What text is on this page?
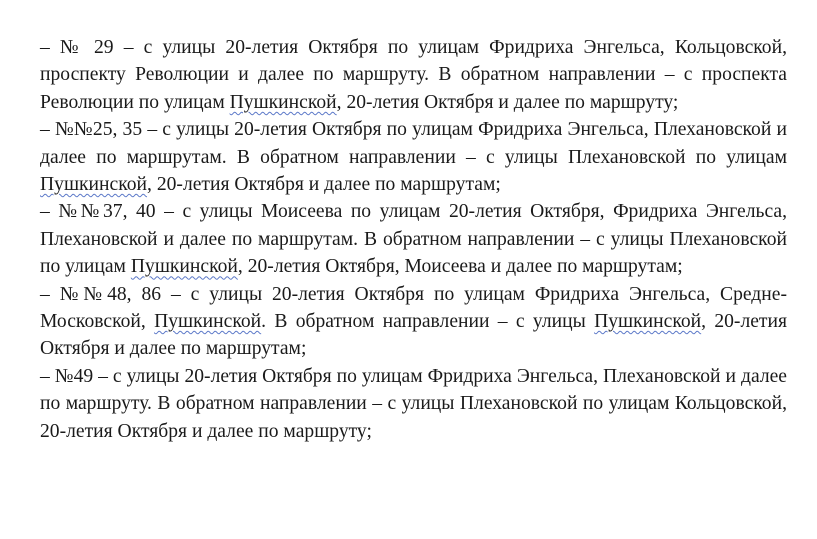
– № 29 – с улицы 20-летия Октября по улицам Фридриха Энгельса, Кольцовской, проспекту Революции и далее по маршруту. В обратном направлении – с проспекта Революции по улицам Пушкинской, 20-летия Октября и далее по маршруту;

– №№25, 35 – с улицы 20-летия Октября по улицам Фридриха Энгельса, Плехановской и далее по маршрутам. В обратном направлении – с улицы Плехановской по улицам Пушкинской, 20-летия Октября и далее по маршрутам;

– №№37, 40 – с улицы Моисеева по улицам 20-летия Октября, Фридриха Энгельса, Плехановской и далее по маршрутам. В обратном направлении – с улицы Плехановской по улицам Пушкинской, 20-летия Октября, Моисеева и далее по маршрутам;

– №№48, 86 – с улицы 20-летия Октября по улицам Фридриха Энгельса, Средне-Московской, Пушкинской. В обратном направлении – с улицы Пушкинской, 20-летия Октября и далее по маршрутам;

– №49 – с улицы 20-летия Октября по улицам Фридриха Энгельса, Плехановской и далее по маршруту. В обратном направлении – с улицы Плехановской по улицам Кольцовской, 20-летия Октября и далее по маршруту;
